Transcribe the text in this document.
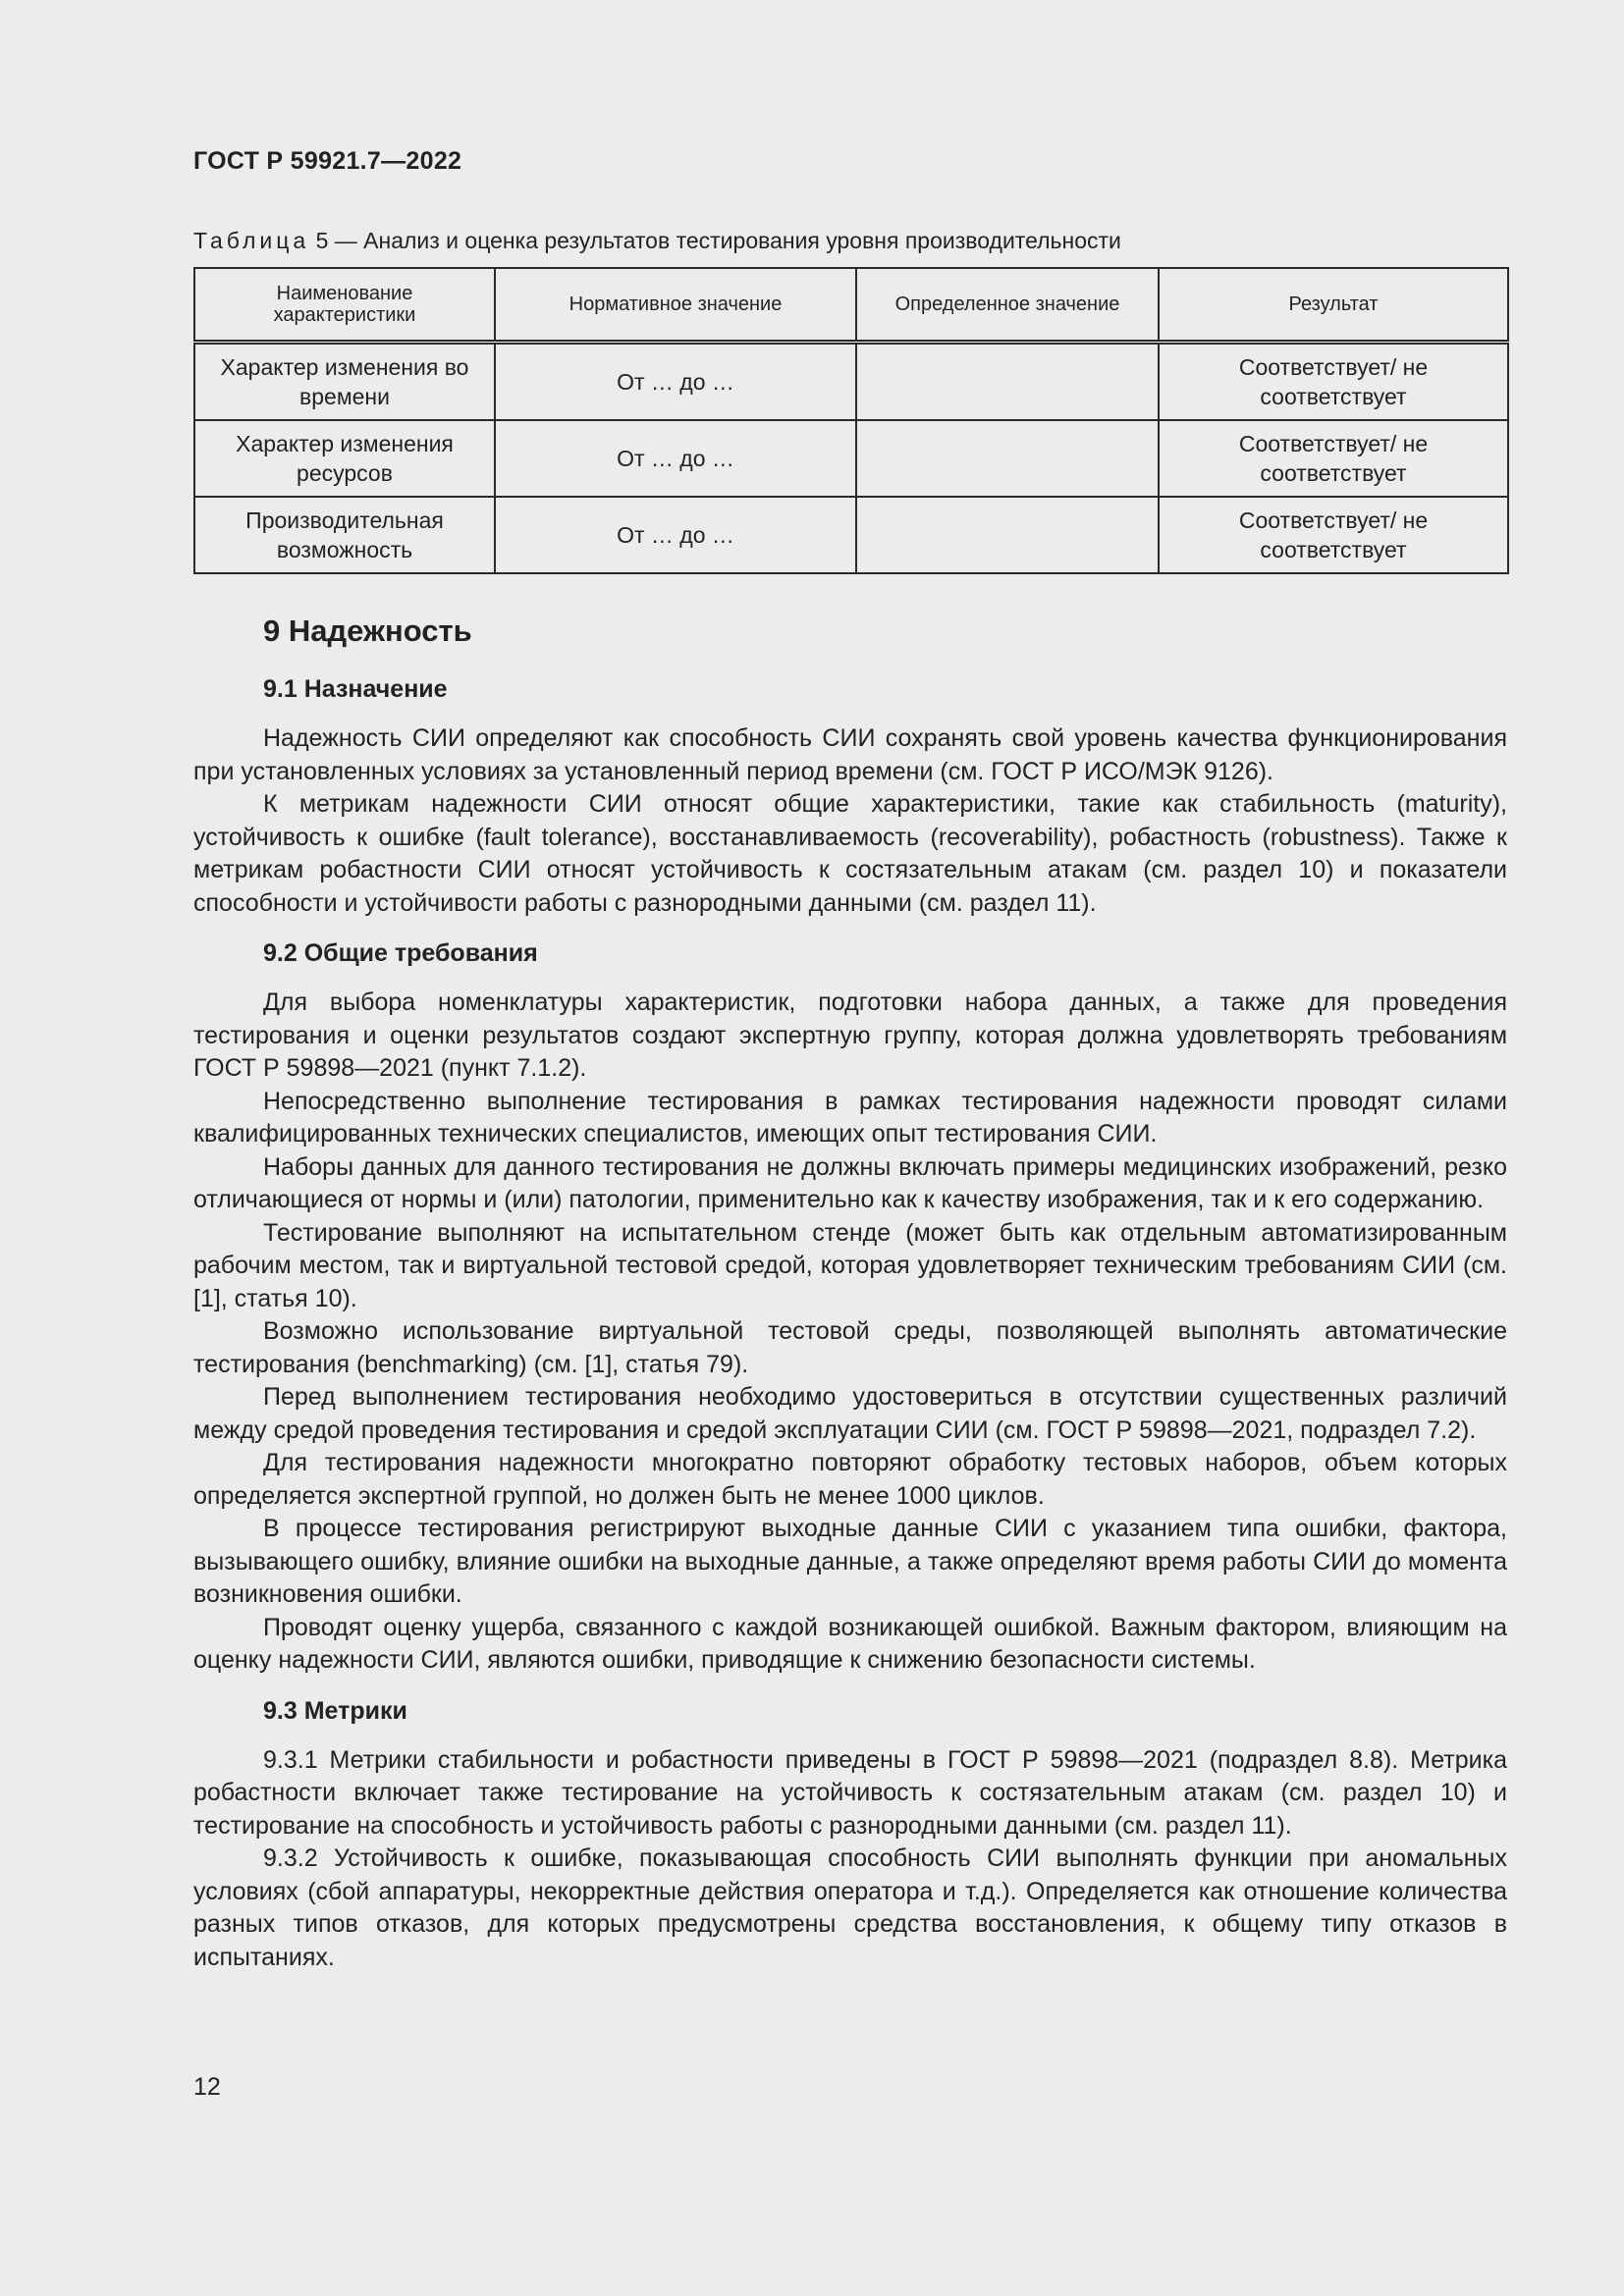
ГОСТ Р 59921.7—2022
Таблица 5 — Анализ и оценка результатов тестирования уровня производительности
Наименование характеристики	Нормативное значение	Определенное значение	Результат
Характер изменения во времени	От … до …		Соответствует/ не соответствует
Характер изменения ресурсов	От … до …		Соответствует/ не соответствует
Производительная возможность	От … до …		Соответствует/ не соответствует
9 Надежность
9.1 Назначение

Надежность СИИ определяют как способность СИИ сохранять свой уровень качества функционирования при установленных условиях за установленный период времени (см. ГОСТ Р ИСО/МЭК 9126).

К метрикам надежности СИИ относят общие характеристики, такие как стабильность (maturity), устойчивость к ошибке (fault tolerance), восстанавливаемость (recoverability), робастность (robustness). Также к метрикам робастности СИИ относят устойчивость к состязательным атакам (см. раздел 10) и показатели способности и устойчивости работы с разнородными данными (см. раздел 11).

9.2 Общие требования

Для выбора номенклатуры характеристик, подготовки набора данных, а также для проведения тестирования и оценки результатов создают экспертную группу, которая должна удовлетворять требованиям ГОСТ Р 59898—2021 (пункт 7.1.2).

Непосредственно выполнение тестирования в рамках тестирования надежности проводят силами квалифицированных технических специалистов, имеющих опыт тестирования СИИ.

Наборы данных для данного тестирования не должны включать примеры медицинских изображений, резко отличающиеся от нормы и (или) патологии, применительно как к качеству изображения, так и к его содержанию.

Тестирование выполняют на испытательном стенде (может быть как отдельным автоматизированным рабочим местом, так и виртуальной тестовой средой, которая удовлетворяет техническим требованиям СИИ (см. [1], статья 10).

Возможно использование виртуальной тестовой среды, позволяющей выполнять автоматические тестирования (benchmarking) (см. [1], статья 79).

Перед выполнением тестирования необходимо удостовериться в отсутствии существенных различий между средой проведения тестирования и средой эксплуатации СИИ (см. ГОСТ Р 59898—2021, подраздел 7.2).

Для тестирования надежности многократно повторяют обработку тестовых наборов, объем которых определяется экспертной группой, но должен быть не менее 1000 циклов.

В процессе тестирования регистрируют выходные данные СИИ с указанием типа ошибки, фактора, вызывающего ошибку, влияние ошибки на выходные данные, а также определяют время работы СИИ до момента возникновения ошибки.

Проводят оценку ущерба, связанного с каждой возникающей ошибкой. Важным фактором, влияющим на оценку надежности СИИ, являются ошибки, приводящие к снижению безопасности системы.

9.3 Метрики

9.3.1 Метрики стабильности и робастности приведены в ГОСТ Р 59898—2021 (подраздел 8.8). Метрика робастности включает также тестирование на устойчивость к состязательным атакам (см. раздел 10) и тестирование на способность и устойчивость работы с разнородными данными (см. раздел 11).

9.3.2 Устойчивость к ошибке, показывающая способность СИИ выполнять функции при аномальных условиях (сбой аппаратуры, некорректные действия оператора и т.д.). Определяется как отношение количества разных типов отказов, для которых предусмотрены средства восстановления, к общему типу отказов в испытаниях.

12
